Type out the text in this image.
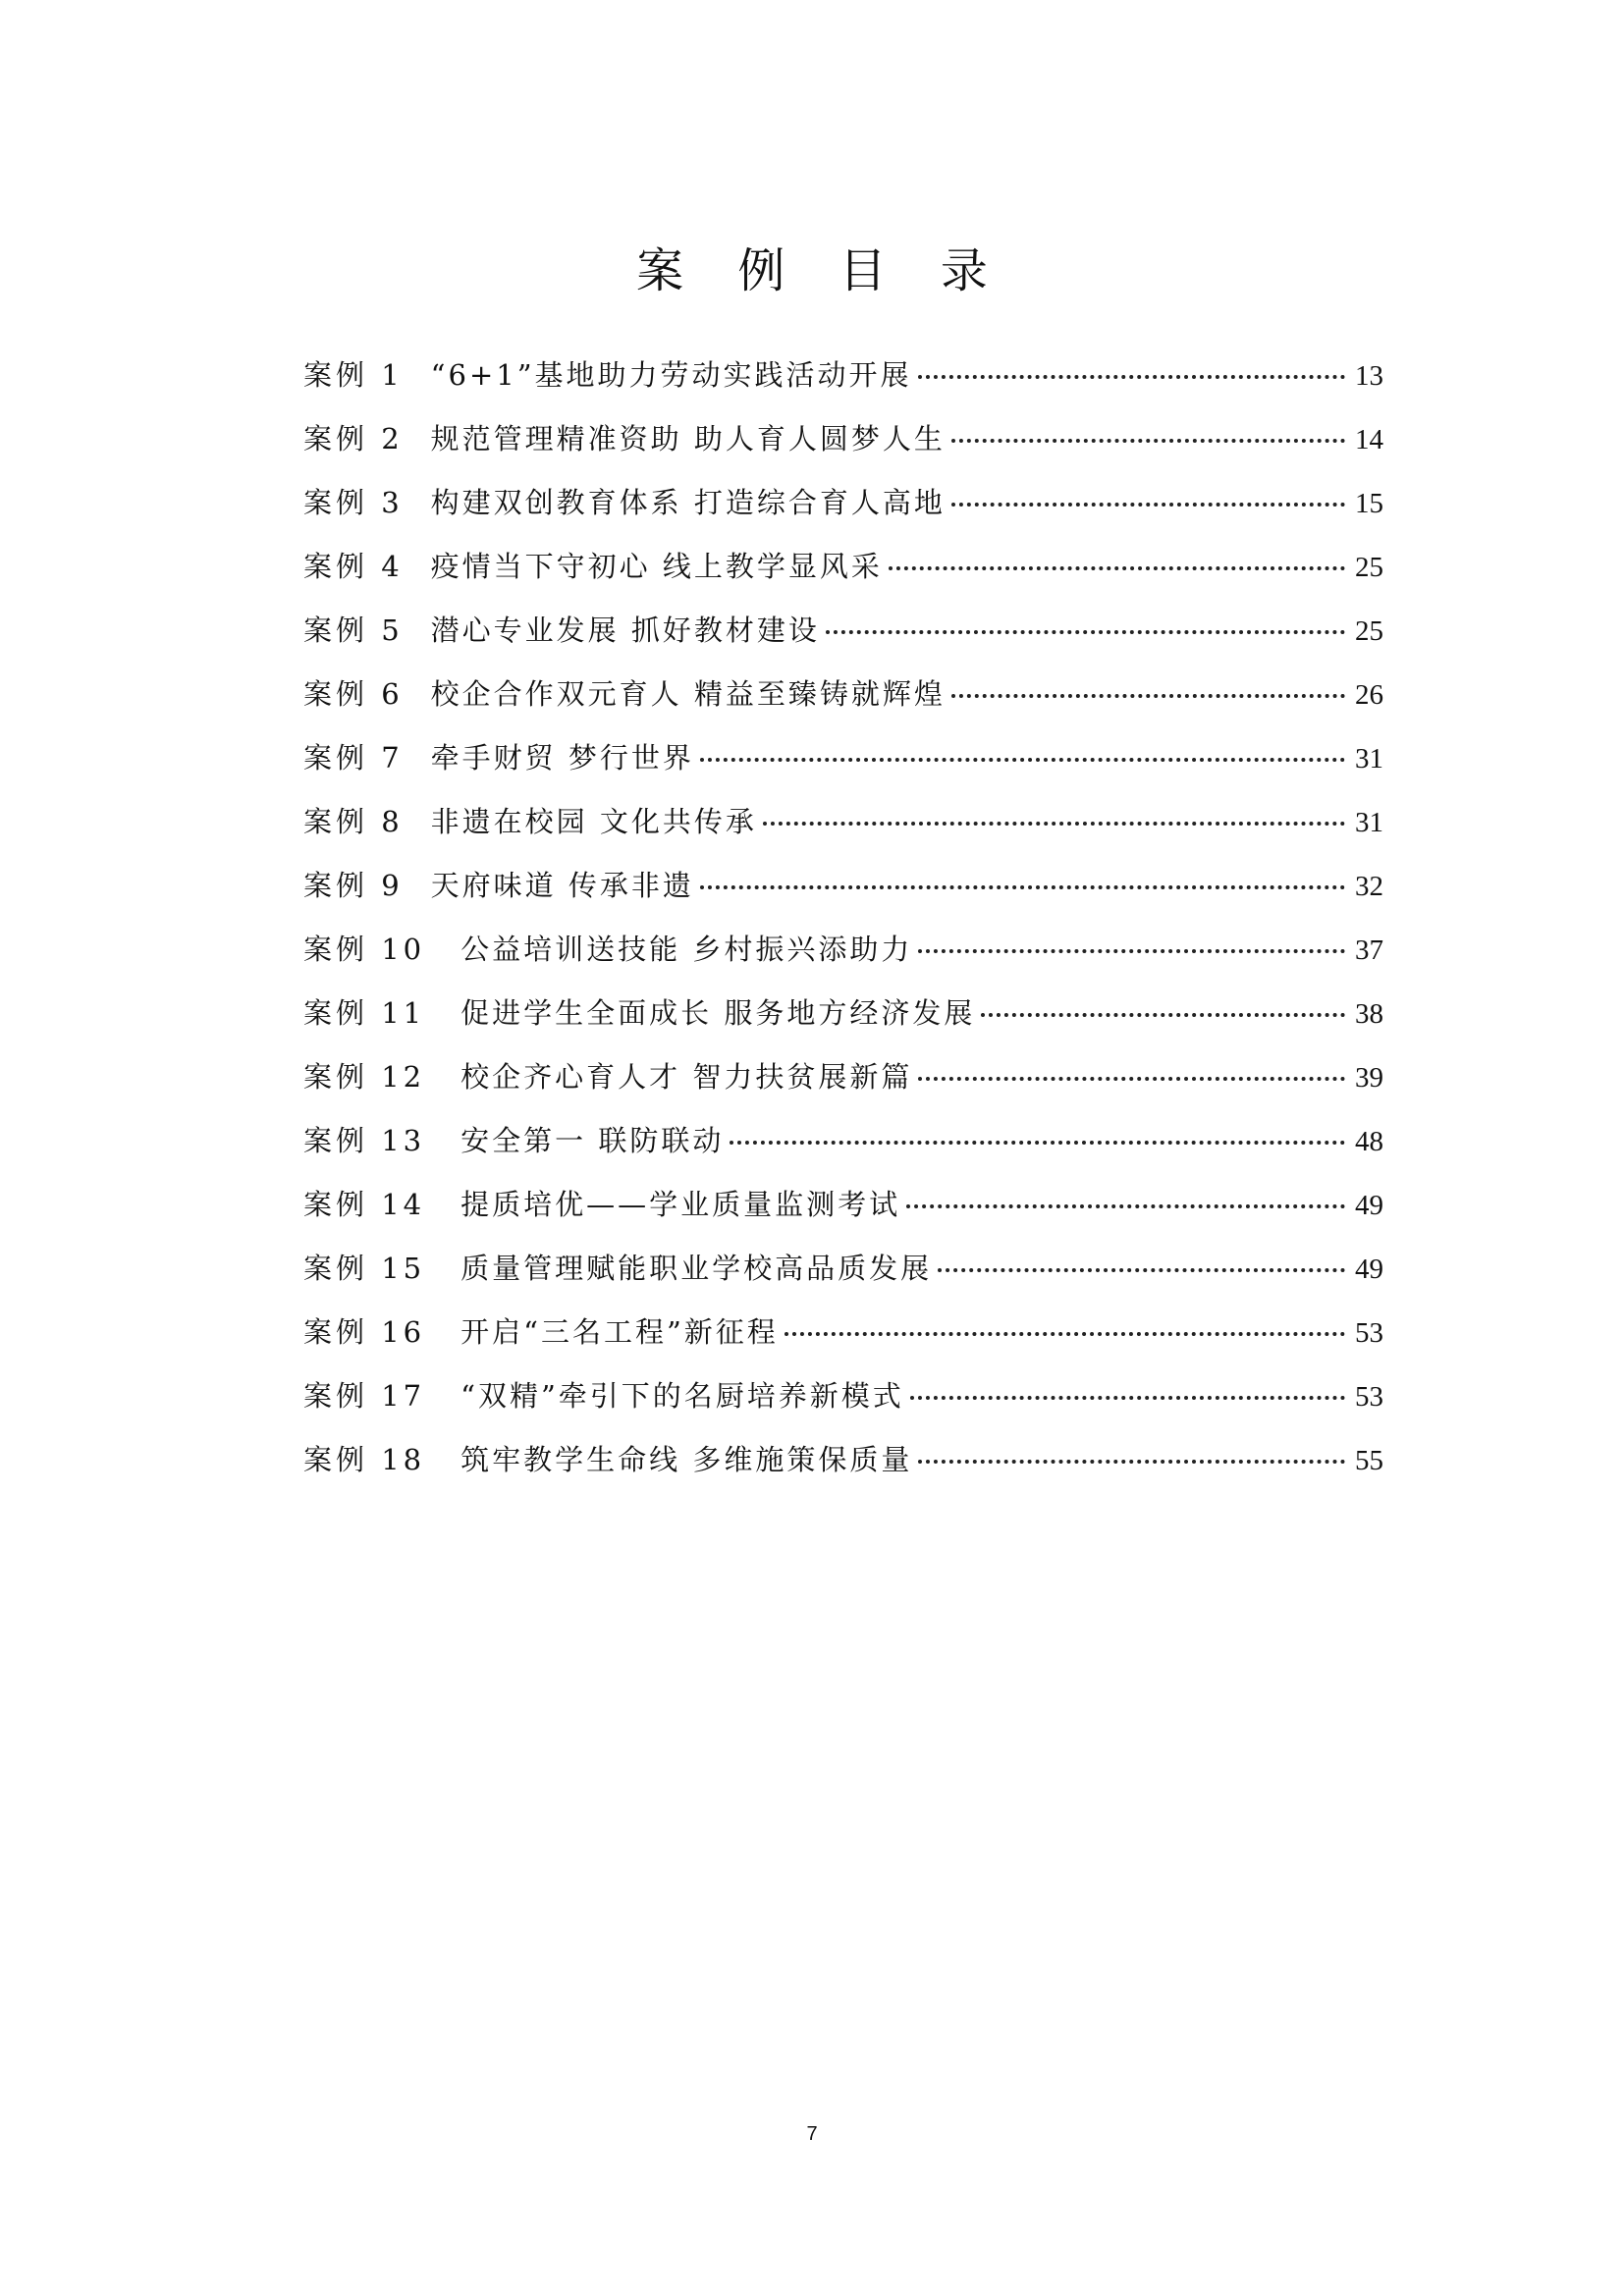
案 例 目 录
案例 1 “6+1”基地助力劳动实践活动开展	13
案例 2 规范管理精准资助 助人育人圆梦人生	14
案例 3 构建双创教育体系 打造综合育人高地	15
案例 4 疫情当下守初心 线上教学显风采	25
案例 5 潜心专业发展 抓好教材建设	25
案例 6 校企合作双元育人 精益至臻铸就辉煌	26
案例 7 牵手财贸 梦行世界	31
案例 8 非遗在校园 文化共传承	31
案例 9 天府味道 传承非遗	32
案例 10	公益培训送技能 乡村振兴添助力	37
案例 11	促进学生全面成长 服务地方经济发展	38
案例 12	校企齐心育人才 智力扶贫展新篇	39
案例 13	安全第一 联防联动	48
案例 14	提质培优——学业质量监测考试	49
案例 15	质量管理赋能职业学校高品质发展	49
案例 16	开启“三名工程”新征程	53
案例 17	“双精”牵引下的名厨培养新模式	53
案例 18	筑牢教学生命线 多维施策保质量	55
7
